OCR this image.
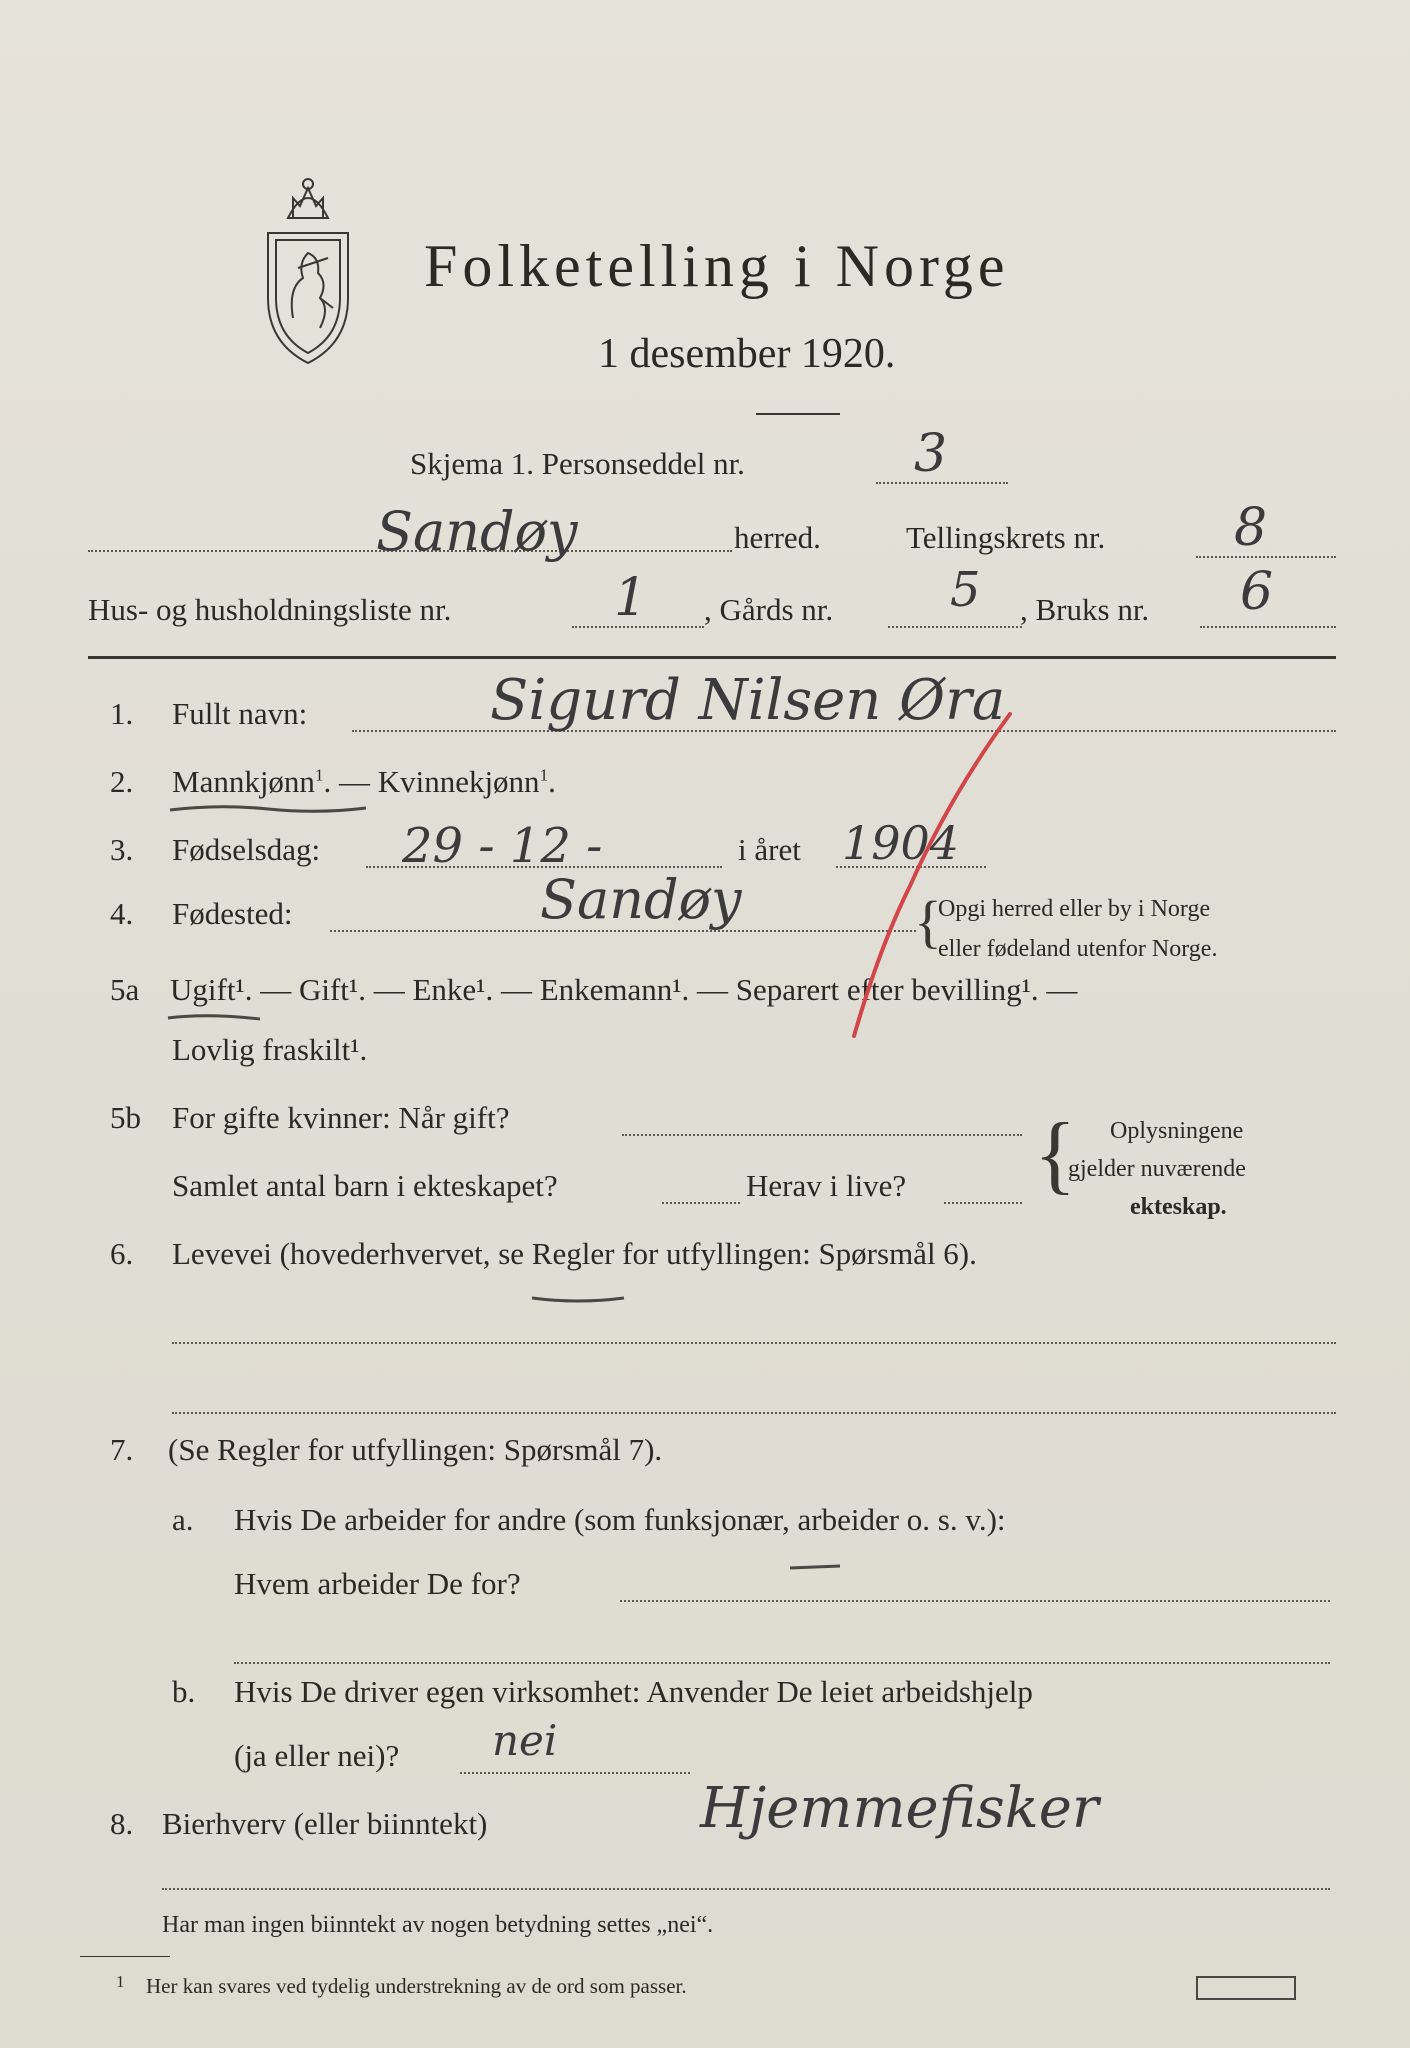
Folketelling i Norge
1 desember 1920.
Skjema 1. Personseddel nr.	3
Sandøy	herred.	Tellingskrets nr. 8
Hus- og husholdningsliste nr.	1 , Gårds nr. 5 , Bruks nr. 6
1. Fullt navn:	Sigurd Nilsen Øra
2. Mannkjønn$^1$. — Kvinnekjønn$^1$.
3. Fødselsdag: 29 - 12 -	i året 1904
4. Fødested:	Sandøy	{
Opgi herred eller by i Norge
eller fødeland utenfor Norge.
5a Ugift¹. — Gift¹. — Enke¹. — Enkemann¹. — Separert efter bevilling¹. —
Lovlig fraskilt¹.
5b For gifte kvinner: Når gift?
Samlet antal barn i ekteskapet?	Herav i live? { Oplysningene
gjelder nuværende
ekteskap.
6. Levevei (hovederhvervet, se Regler for utfyllingen: Spørsmål 6).
7. (Se Regler for utfyllingen: Spørsmål 7).
a. Hvis De arbeider for andre (som funksjonær, arbeider o. s. v.):
Hvem arbeider De for?
b. Hvis De driver egen virksomhet: Anvender De leiet arbeidshjelp
(ja eller nei)? nei
8. Bierhverv (eller biinntekt)	Hjemmefisker
Har man ingen biinntekt av nogen betydning settes „nei“.
1 Her kan svares ved tydelig understrekning av de ord som passer.
